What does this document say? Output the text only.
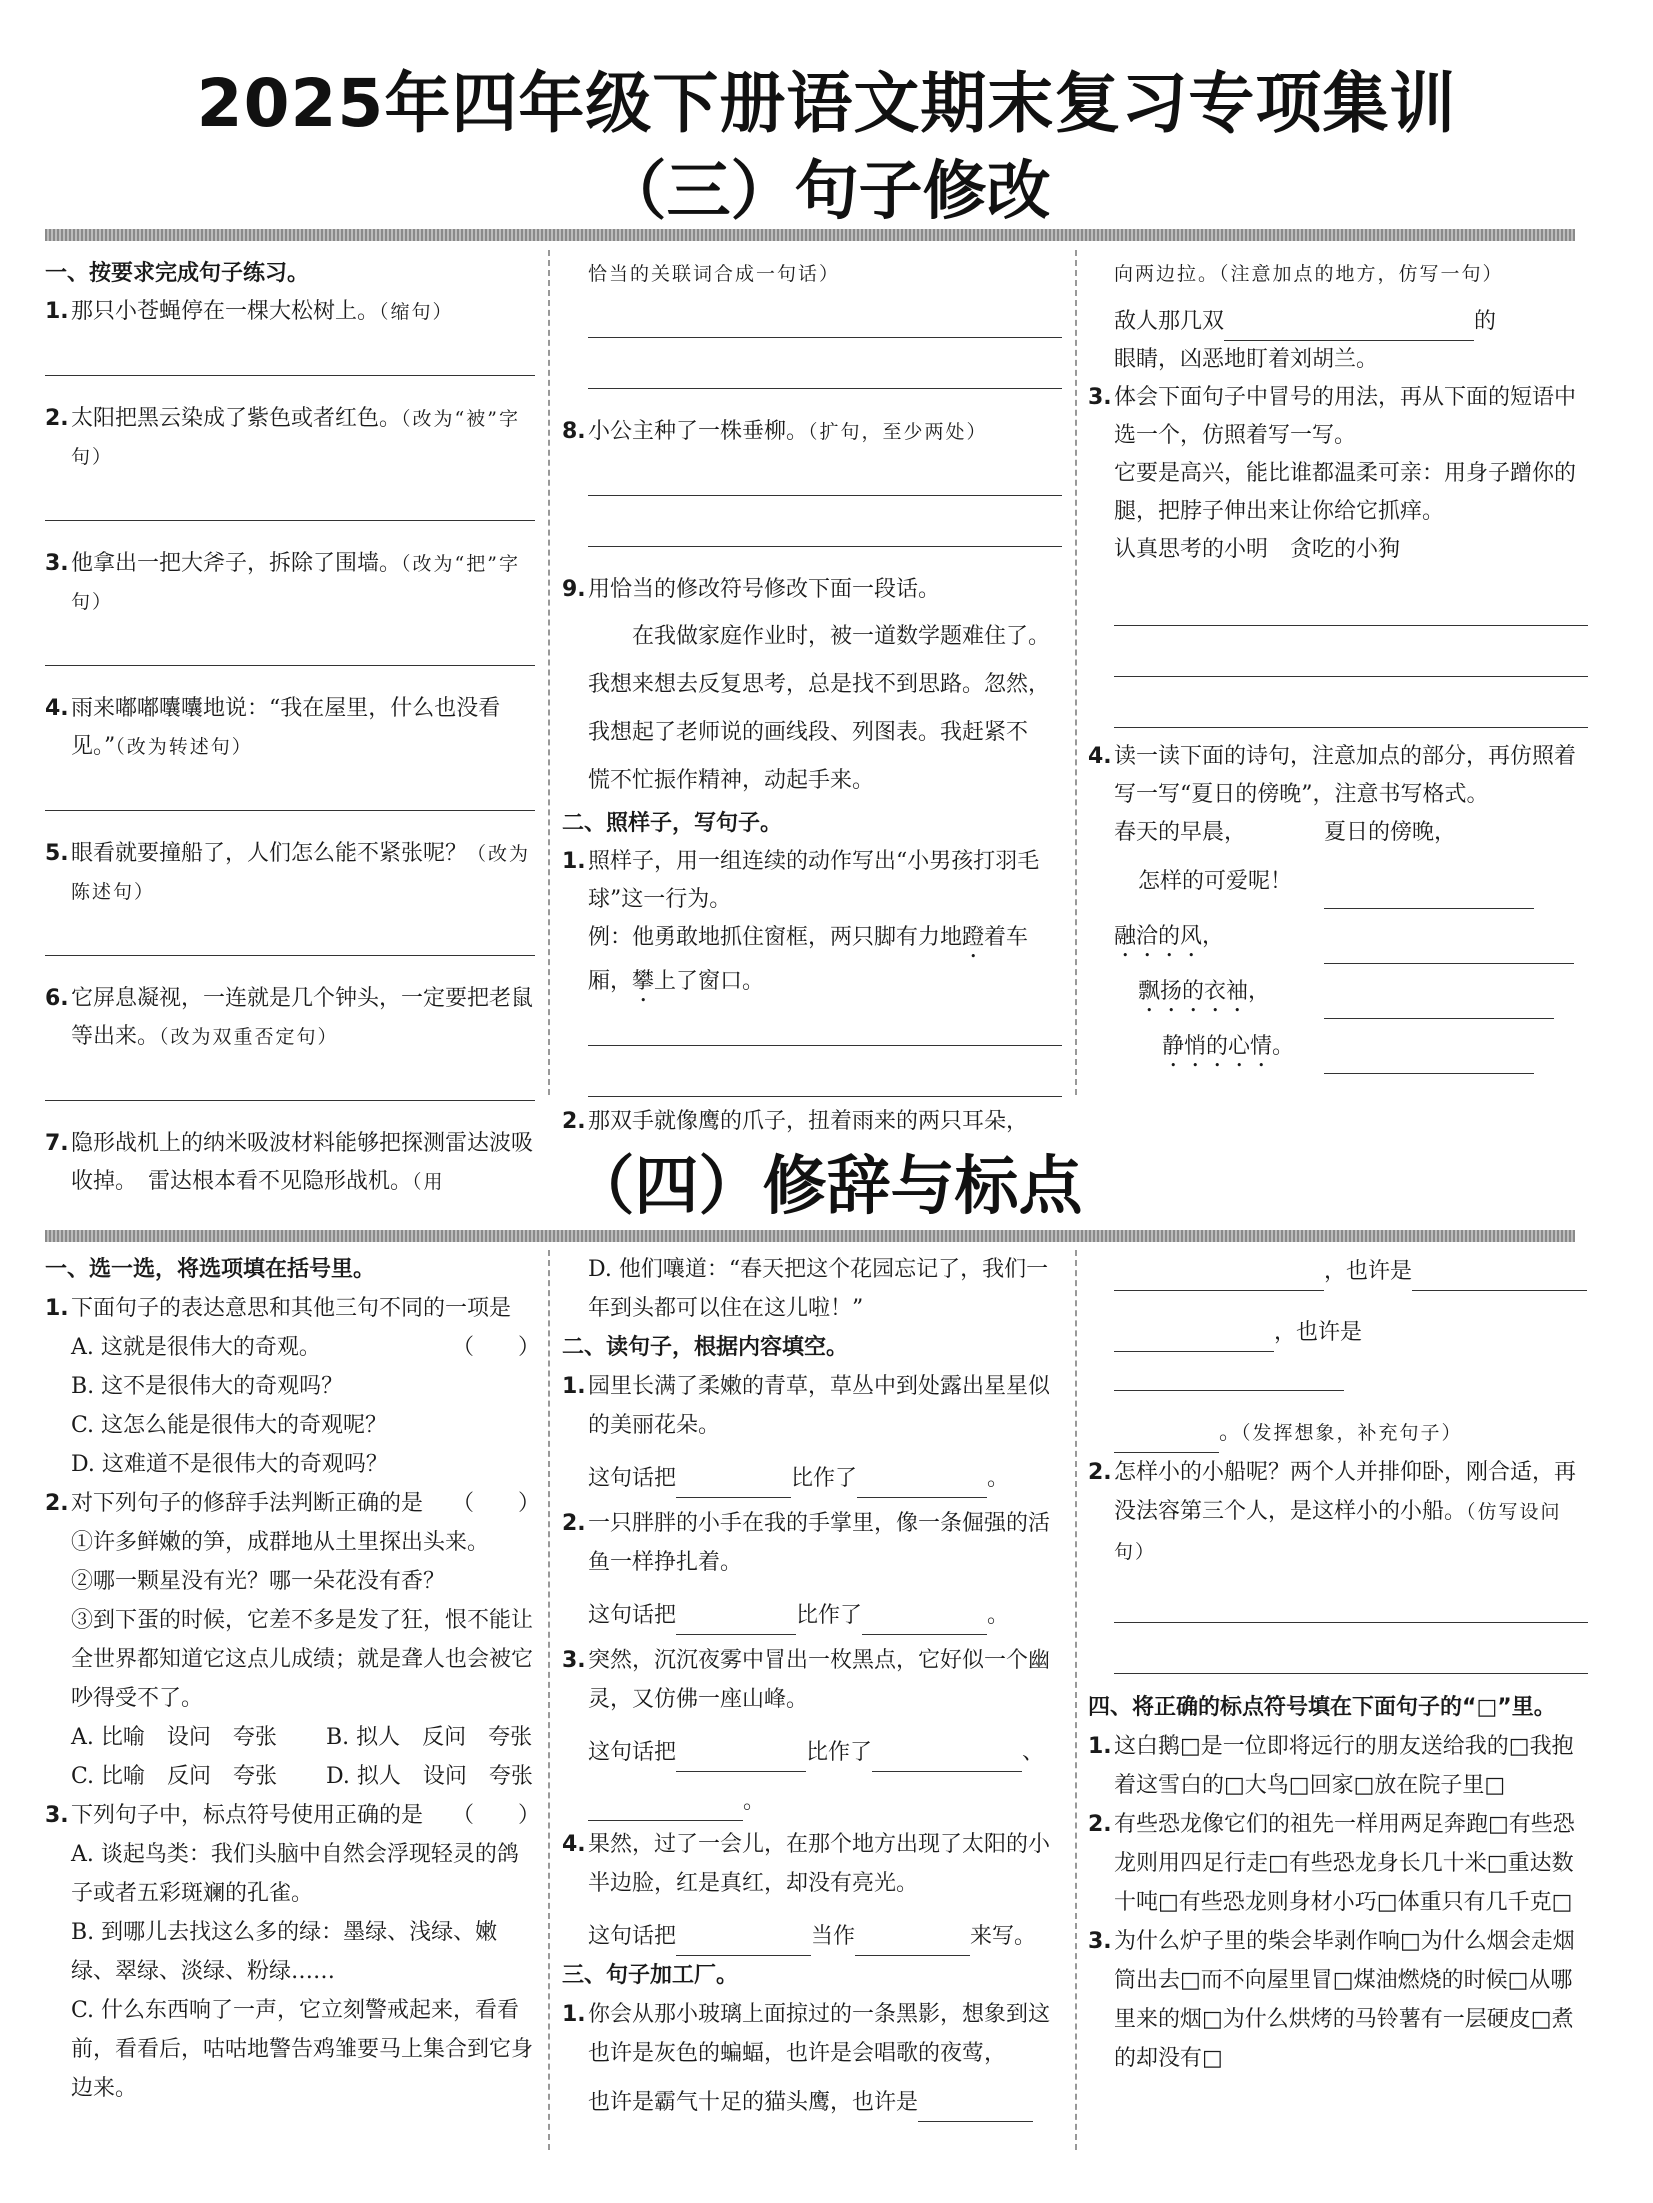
2025年四年级下册语文期末复习专项集训
（三）句子修改

一、按要求完成句子练习。

1. 那只小苍蝇停在一棵大松树上。（缩句）

2. 太阳把黑云染成了紫色或者红色。（改为“被”字句）

3. 他拿出一把大斧子，拆除了围墙。（改为“把”字句）

4. 雨来嘟嘟囔囔地说：“我在屋里，什么也没看见。”（改为转述句）

5. 眼看就要撞船了，人们怎么能不紧张呢？（改为陈述句）

6. 它屏息凝视，一连就是几个钟头，一定要把老鼠等出来。（改为双重否定句）

7. 隐形战机上的纳米吸波材料能够把探测雷达波吸收掉。　雷达根本看不见隐形战机。（用

恰当的关联词合成一句话）

8. 小公主种了一株垂柳。（扩句，至少两处）

9. 用恰当的修改符号修改下面一段话。

在我做家庭作业时，被一道数学题难住了。

我想来想去反复思考，总是找不到思路。忽然，

我想起了老师说的画线段、列图表。我赶紧不

慌不忙振作精神，动起手来。

二、照样子，写句子。

1. 照样子，用一组连续的动作写出“小男孩打羽毛球”这一行为。

例：他勇敢地抓住窗框，两只脚有力地蹬着车厢，攀上了窗口。

2. 那双手就像鹰的爪子，扭着雨来的两只耳朵，

向两边拉。（注意加点的地方，仿写一句）

敌人那几双	的

眼睛，凶恶地盯着刘胡兰。

3. 体会下面句子中冒号的用法，再从下面的短语中选一个，仿照着写一写。

它要是高兴，能比谁都温柔可亲：用身子蹭你的腿，把脖子伸出来让你给它抓痒。

认真思考的小明　贪吃的小狗

4. 读一读下面的诗句，注意加点的部分，再仿照着写一写“夏日的傍晚”，注意书写格式。

春天的早晨，	夏日的傍晚，

怎样的可爱呢！

融洽的风，

飘扬的衣袖，

静悄的心情。

（四）修辞与标点

一、选一选，将选项填在括号里。

1. 下面句子的表达意思和其他三句不同的一项是
（　　）

A. 这就是很伟大的奇观。

B. 这不是很伟大的奇观吗？

C. 这怎么能是很伟大的奇观呢？

D. 这难道不是很伟大的奇观吗？

2. 对下列句子的修辞手法判断正确的是 （　　）

①许多鲜嫩的笋，成群地从土里探出头来。

②哪一颗星没有光？哪一朵花没有香？

③到下蛋的时候，它差不多是发了狂，恨不能让全世界都知道它这点儿成绩；就是聋人也会被它吵得受不了。

A. 比喻　设问　夸张 B. 拟人　反问　夸张

C. 比喻　反问　夸张 D. 拟人　设问　夸张

3. 下列句子中，标点符号使用正确的是 （　　）

A. 谈起鸟类：我们头脑中自然会浮现轻灵的鸽子或者五彩斑斓的孔雀。

B. 到哪儿去找这么多的绿：墨绿、浅绿、嫩绿、翠绿、淡绿、粉绿……

C. 什么东西响了一声，它立刻警戒起来，看看前，看看后，咕咕地警告鸡雏要马上集合到它身边来。

D. 他们嚷道：“春天把这个花园忘记了，我们一年到头都可以住在这儿啦！”

二、读句子，根据内容填空。

1. 园里长满了柔嫩的青草，草丛中到处露出星星似的美丽花朵。

这句话把	比作了	。

2. 一只胖胖的小手在我的手掌里，像一条倔强的活鱼一样挣扎着。

这句话把	比作了	。

3. 突然，沉沉夜雾中冒出一枚黑点，它好似一个幽灵，又仿佛一座山峰。

这句话把	比作了	、

。

4. 果然，过了一会儿，在那个地方出现了太阳的小半边脸，红是真红，却没有亮光。

这句话把	当作	来写。

三、句子加工厂。

1. 你会从那小玻璃上面掠过的一条黑影，想象到这也许是灰色的蝙蝠，也许是会唱歌的夜莺，

也许是霸气十足的猫头鹰，也许是

，也许是

，也许是

。（发挥想象，补充句子）

2. 怎样小的小船呢？两个人并排仰卧，刚合适，再没法容第三个人，是这样小的小船。（仿写设问句）

四、将正确的标点符号填在下面句子的“□”里。

1. 这白鹅□是一位即将远行的朋友送给我的□我抱着这雪白的□大鸟□回家□放在院子里□

2. 有些恐龙像它们的祖先一样用两足奔跑□有些恐龙则用四足行走□有些恐龙身长几十米□重达数十吨□有些恐龙则身材小巧□体重只有几千克□

3. 为什么炉子里的柴会毕剥作响□为什么烟会走烟筒出去□而不向屋里冒□煤油燃烧的时候□从哪里来的烟□为什么烘烤的马铃薯有一层硬皮□煮的却没有□
